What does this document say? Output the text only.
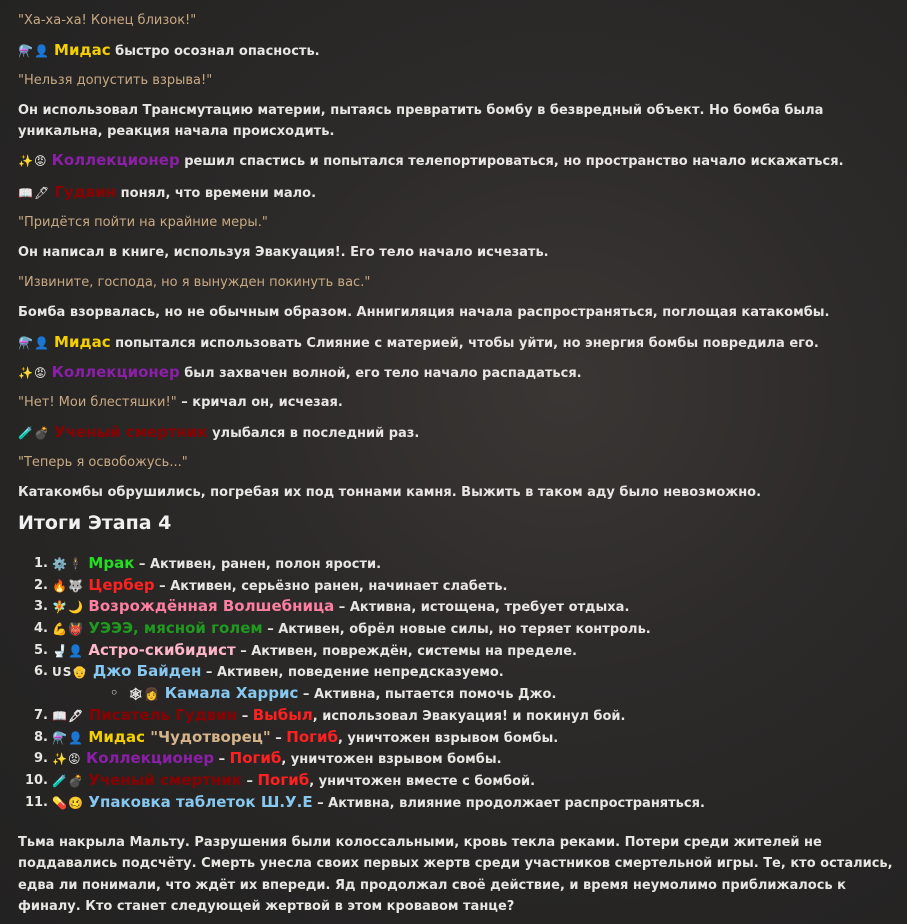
"Ха-ха-ха! Конец близок!"

⚗️👤 Мидас быстро осознал опасность.

"Нельзя допустить взрыва!"

Он использовал Трансмутацию материи, пытаясь превратить бомбу в безвредный объект. Но бомба была уникальна, реакция начала происходить.

✨😡 Коллекционер решил спастись и попытался телепортироваться, но пространство начало искажаться.

📖🖋 Гудвин понял, что времени мало.

"Придётся пойти на крайние меры."

Он написал в книге, используя Эвакуация!. Его тело начало исчезать.

"Извините, господа, но я вынужден покинуть вас."

Бомба взорвалась, но не обычным образом. Аннигиляция начала распространяться, поглощая катакомбы.

⚗️👤 Мидас попытался использовать Слияние с материей, чтобы уйти, но энергия бомбы повредила его.

✨😡 Коллекционер был захвачен волной, его тело начало распадаться.

"Нет! Мои блестяшки!" – кричал он, исчезая.

🧪💣 Ученый смертник улыбался в последний раз.

"Теперь я освобожусь..."

Катакомбы обрушились, погребая их под тоннами камня. Выжить в таком аду было невозможно.

Итоги Этапа 4
1. ⚙️🕴 Мрак – Активен, ранен, полон ярости.
2. 🔥🐺 Цербер – Активен, серьёзно ранен, начинает слабеть.
3. 🧚🌙 Возрождённая Волшебница – Активна, истощена, требует отдыха.
4. 💪👹 УЭЭЭ, мясной голем – Активен, обрёл новые силы, но теряет контроль.
5. 🚽👤 Астро-скибидист – Активен, повреждён, системы на пределе.
6. US👴 Джо Байден – Активен, поведение непредсказуемо.
◦ 🕸👩 Камала Харрис – Активна, пытается помочь Джо.
7. 📖🖋 Писатель Гудвин – Выбыл, использовал Эвакуация! и покинул бой.
8. ⚗️👤 Мидас "Чудотворец" – Погиб, уничтожен взрывом бомбы.
9. ✨😡 Коллекционер – Погиб, уничтожен взрывом бомбы.
10. 🧪💣 Ученый смертник – Погиб, уничтожен вместе с бомбой.
11. 💊🥴 Упаковка таблеток Ш.У.Е – Активна, влияние продолжает распространяться.

Тьма накрыла Мальту. Разрушения были колоссальными, кровь текла реками. Потери среди жителей не поддавались подсчёту. Смерть унесла своих первых жертв среди участников смертельной игры. Те, кто остались, едва ли понимали, что ждёт их впереди. Яд продолжал своё действие, и время неумолимо приближалось к финалу. Кто станет следующей жертвой в этом кровавом танце?
